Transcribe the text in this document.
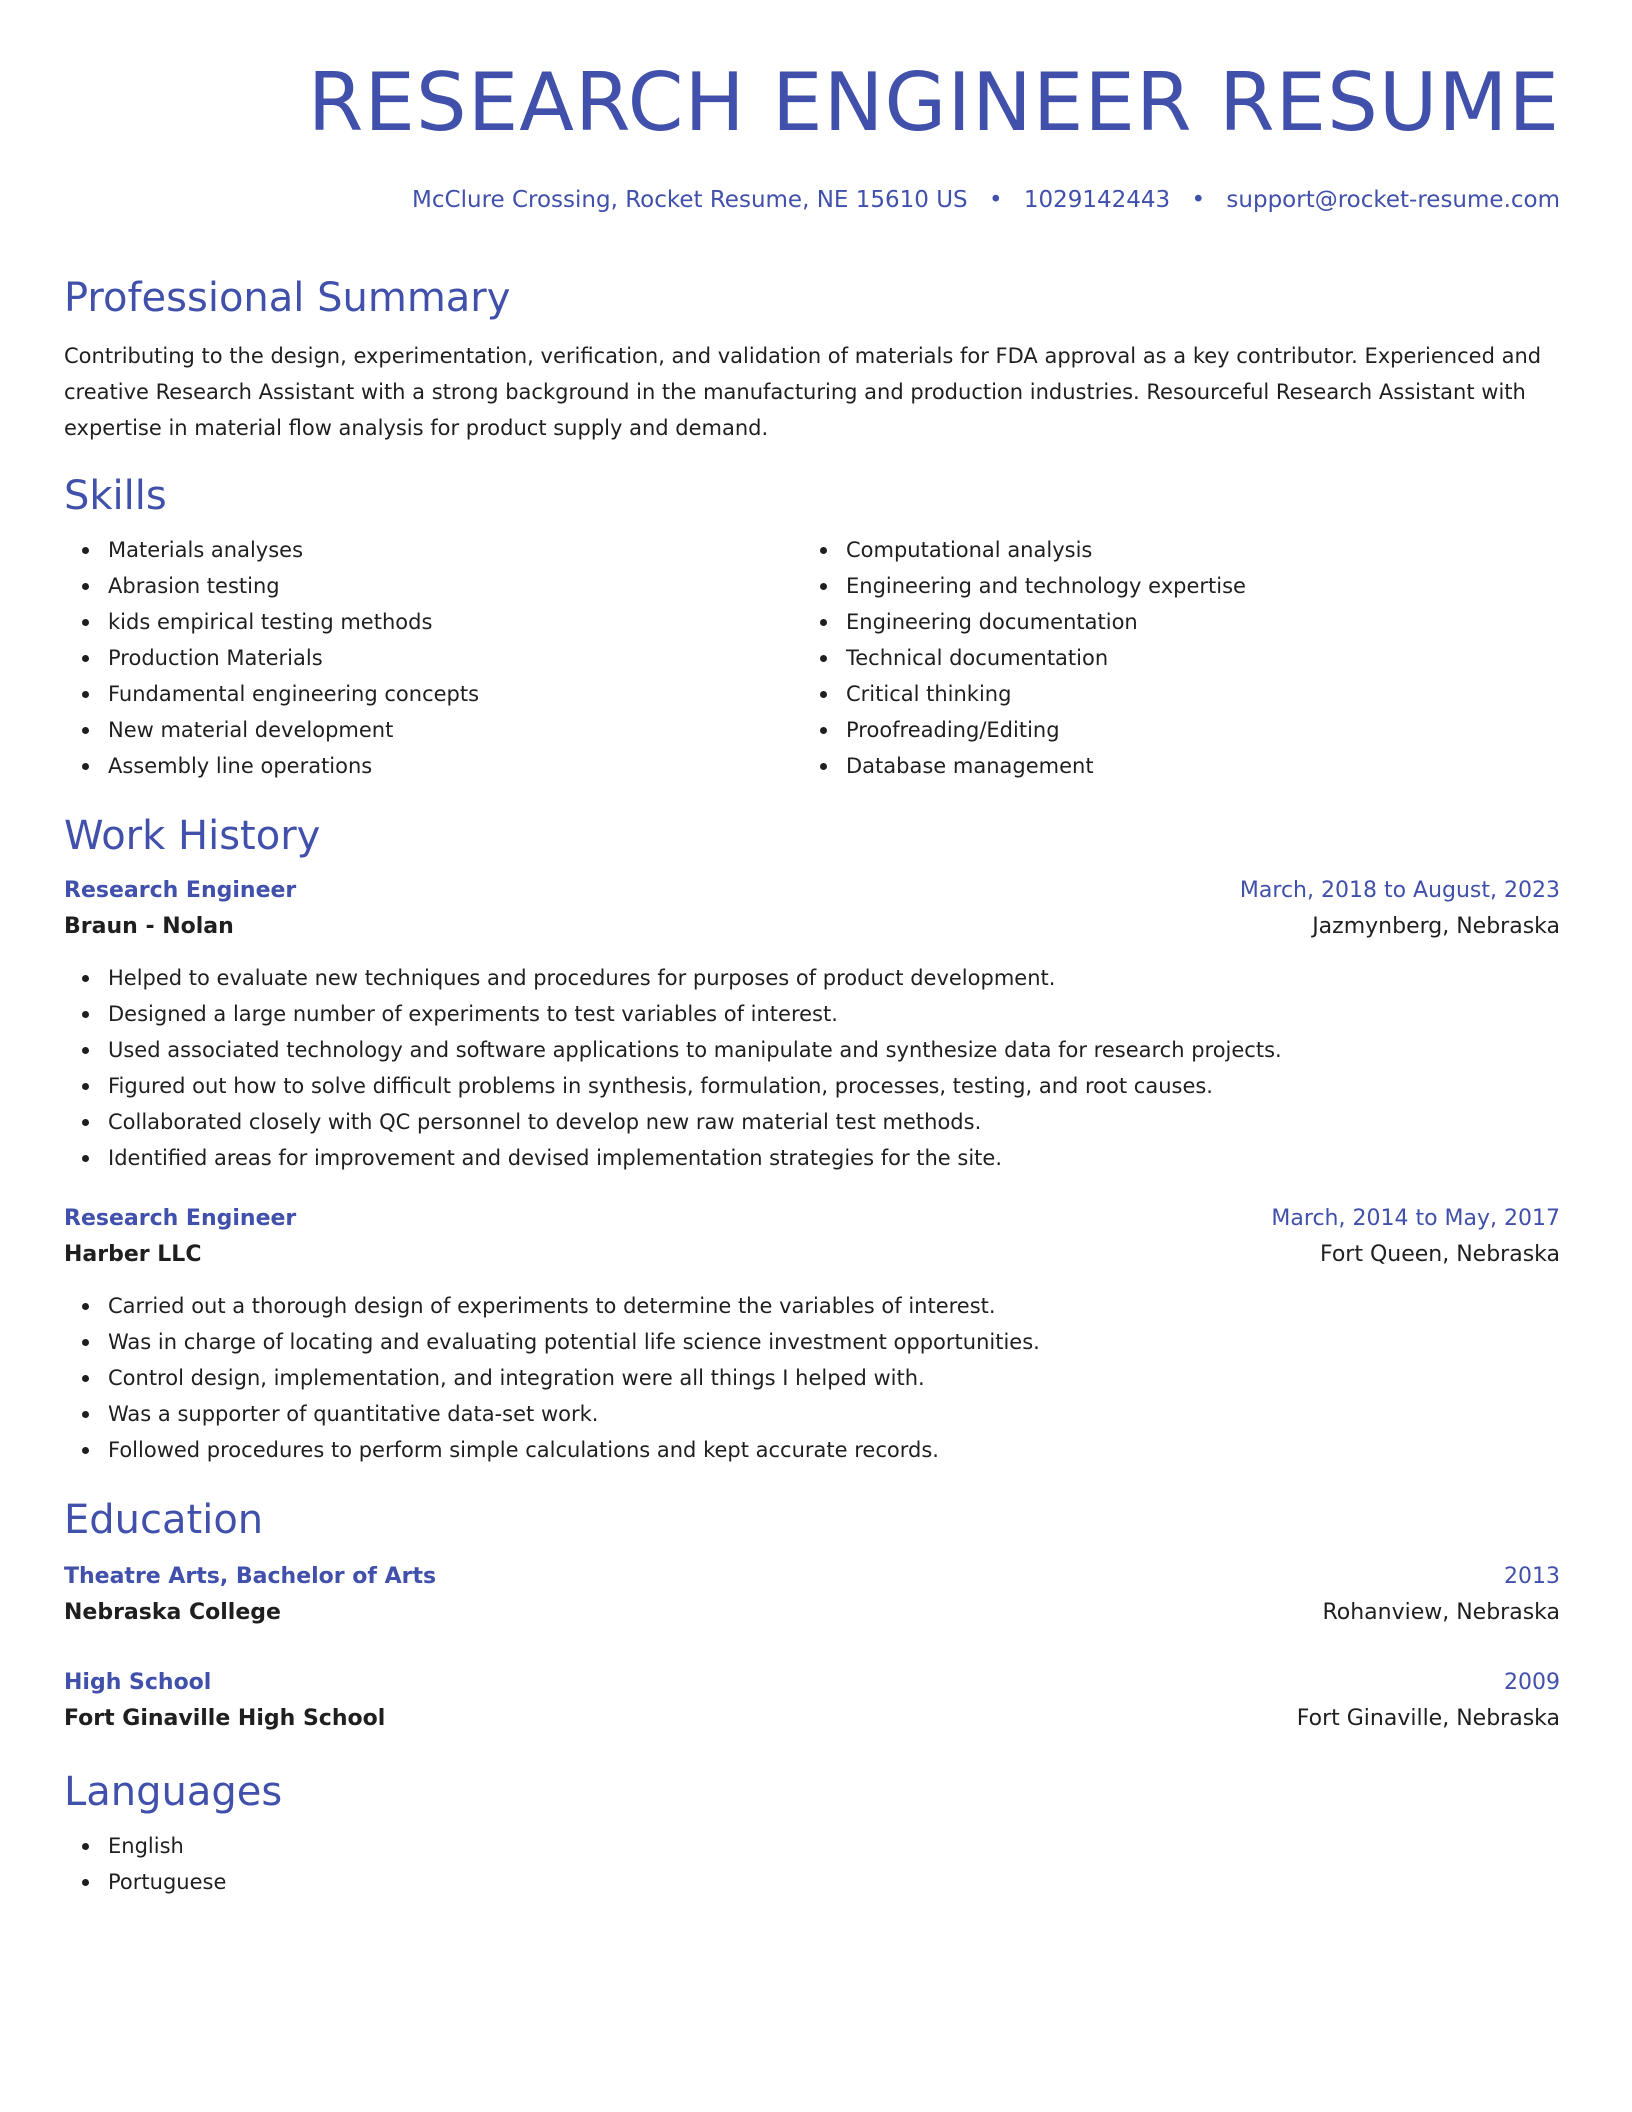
RESEARCH ENGINEER RESUME
McClure Crossing, Rocket Resume, NE 15610 US • 1029142443 • support@rocket-resume.com
Professional Summary

Contributing to the design, experimentation, verification, and validation of materials for FDA approval as a key contributor. Experienced and creative Research Assistant with a strong background in the manufacturing and production industries. Resourceful Research Assistant with expertise in material flow analysis for product supply and demand.

Skills
Materials analyses
Abrasion testing
kids empirical testing methods
Production Materials
Fundamental engineering concepts
New material development
Assembly line operations
Computational analysis
Engineering and technology expertise
Engineering documentation
Technical documentation
Critical thinking
Proofreading/Editing
Database management
Work History
Research Engineer	March, 2018 to August, 2023
Braun - Nolan	Jazmynberg, Nebraska
Helped to evaluate new techniques and procedures for purposes of product development.
Designed a large number of experiments to test variables of interest.
Used associated technology and software applications to manipulate and synthesize data for research projects.
Figured out how to solve difficult problems in synthesis, formulation, processes, testing, and root causes.
Collaborated closely with QC personnel to develop new raw material test methods.
Identified areas for improvement and devised implementation strategies for the site.
Research Engineer	March, 2014 to May, 2017
Harber LLC	Fort Queen, Nebraska
Carried out a thorough design of experiments to determine the variables of interest.
Was in charge of locating and evaluating potential life science investment opportunities.
Control design, implementation, and integration were all things I helped with.
Was a supporter of quantitative data-set work.
Followed procedures to perform simple calculations and kept accurate records.
Education
Theatre Arts, Bachelor of Arts	2013
Nebraska College	Rohanview, Nebraska
High School	2009
Fort Ginaville High School	Fort Ginaville, Nebraska
Languages
English
Portuguese
